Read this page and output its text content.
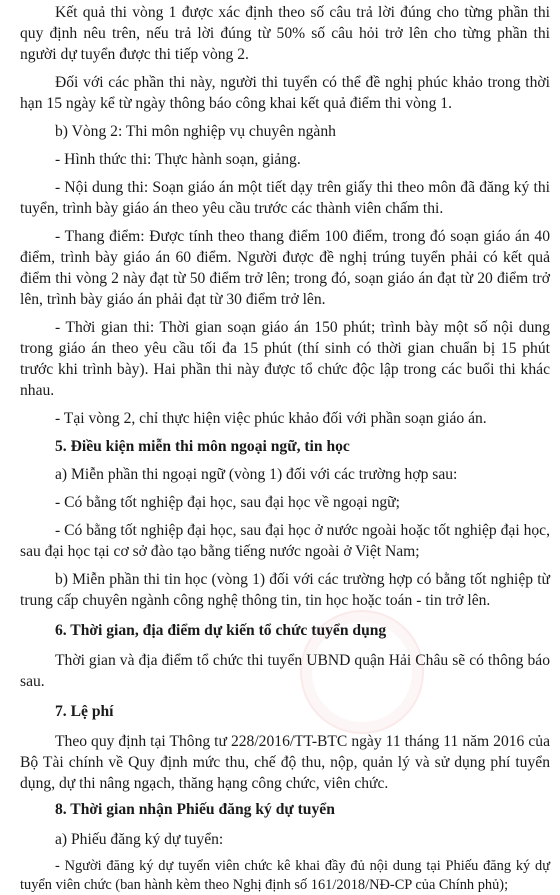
Kết quả thi vòng 1 được xác định theo số câu trả lời đúng cho từng phần thi quy định nêu trên, nếu trả lời đúng từ 50% số câu hỏi trở lên cho từng phần thi người dự tuyển được thi tiếp vòng 2.

Đối với các phần thi này, người thi tuyển có thể đề nghị phúc khảo trong thời hạn 15 ngày kể từ ngày thông báo công khai kết quả điểm thi vòng 1.

b) Vòng 2: Thi môn nghiệp vụ chuyên ngành

- Hình thức thi: Thực hành soạn, giảng.

- Nội dung thi: Soạn giáo án một tiết dạy trên giấy thi theo môn đã đăng ký thi tuyển, trình bày giáo án theo yêu cầu trước các thành viên chấm thi.

- Thang điểm: Được tính theo thang điểm 100 điểm, trong đó soạn giáo án 40 điểm, trình bày giáo án 60 điểm. Người được đề nghị trúng tuyển phải có kết quả điểm thi vòng 2 này đạt từ 50 điểm trở lên; trong đó, soạn giáo án đạt từ 20 điểm trở lên, trình bày giáo án phải đạt từ 30 điểm trở lên.

- Thời gian thi: Thời gian soạn giáo án 150 phút; trình bày một số nội dung trong giáo án theo yêu cầu tối đa 15 phút (thí sinh có thời gian chuẩn bị 15 phút trước khi trình bày). Hai phần thi này được tổ chức độc lập trong các buổi thi khác nhau.

- Tại vòng 2, chỉ thực hiện việc phúc khảo đối với phần soạn giáo án.

5. Điều kiện miễn thi môn ngoại ngữ, tin học

a) Miễn phần thi ngoại ngữ (vòng 1) đối với các trường hợp sau:

- Có bằng tốt nghiệp đại học, sau đại học về ngoại ngữ;

- Có bằng tốt nghiệp đại học, sau đại học ở nước ngoài hoặc tốt nghiệp đại học, sau đại học tại cơ sở đào tạo bằng tiếng nước ngoài ở Việt Nam;

b) Miễn phần thi tin học (vòng 1) đối với các trường hợp có bằng tốt nghiệp từ trung cấp chuyên ngành công nghệ thông tin, tin học hoặc toán - tin trở lên.

6. Thời gian, địa điểm dự kiến tổ chức tuyển dụng

Thời gian và địa điểm tổ chức thi tuyển UBND quận Hải Châu sẽ có thông báo sau.

7. Lệ phí

Theo quy định tại Thông tư 228/2016/TT-BTC ngày 11 tháng 11 năm 2016 của Bộ Tài chính về Quy định mức thu, chế độ thu, nộp, quản lý và sử dụng phí tuyển dụng, dự thi nâng ngạch, thăng hạng công chức, viên chức.

8. Thời gian nhận Phiếu đăng ký dự tuyển

a) Phiếu đăng ký dự tuyển:

- Người đăng ký dự tuyển viên chức kê khai đầy đủ nội dung tại Phiếu đăng ký dự tuyển viên chức (ban hành kèm theo Nghị định số 161/2018/NĐ-CP của Chính phủ);
